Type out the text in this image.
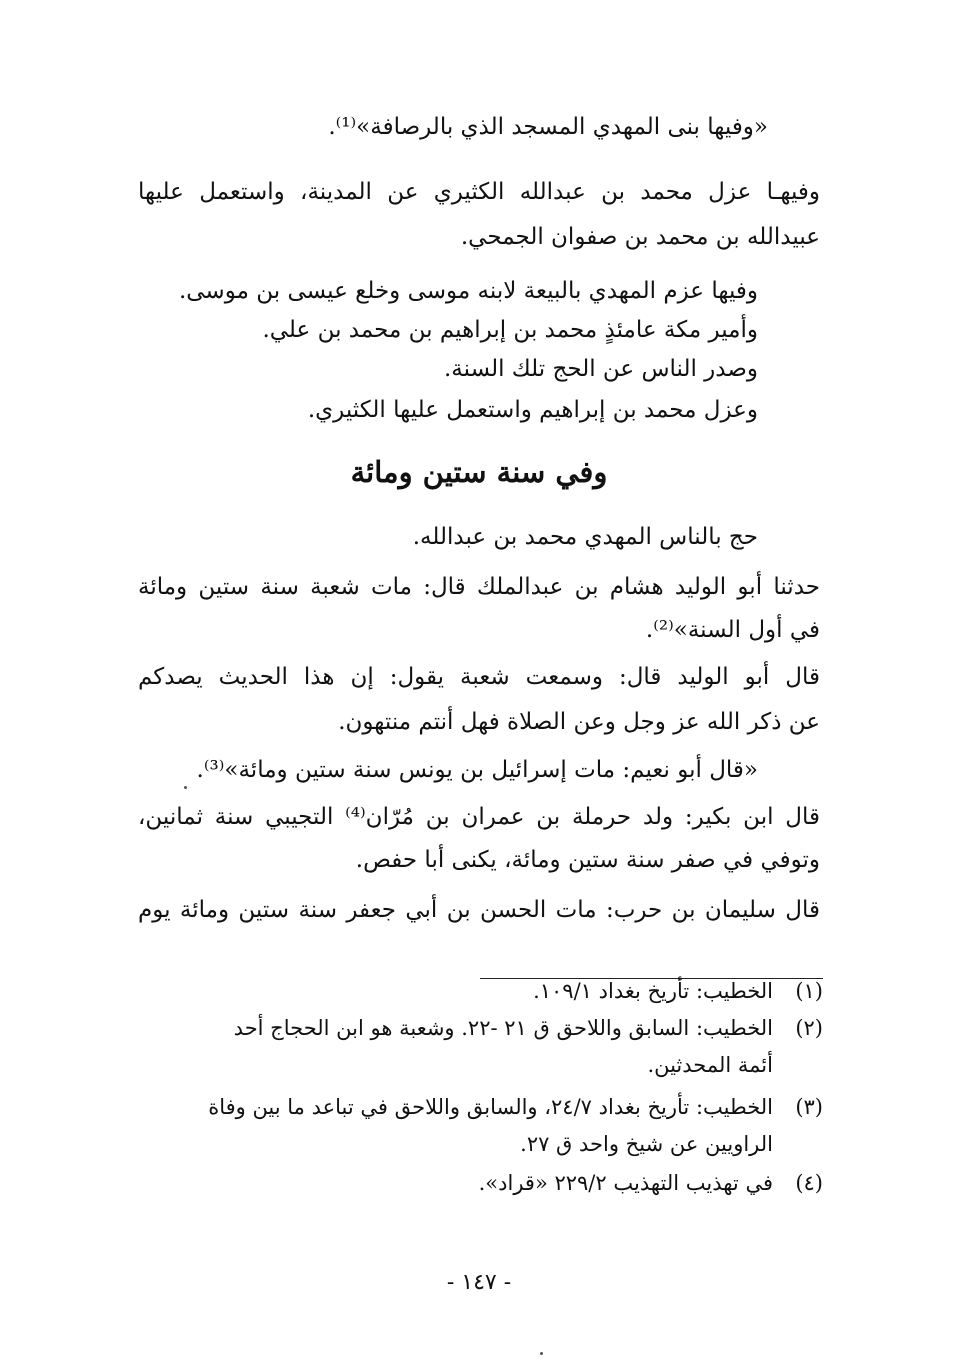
«وفيها بنى المهدي المسجد الذي بالرصافة»⁽¹⁾.
وفيهـا عزل محمد بن عبدالله الكثيري عن المدينة، واستعمل عليها
عبيدالله بن محمد بن صفوان الجمحي.
وفيها عزم المهدي بالبيعة لابنه موسى وخلع عيسى بن موسى.
وأمير مكة عامئذٍ محمد بن إبراهيم بن محمد بن علي.
وصدر الناس عن الحج تلك السنة.
وعزل محمد بن إبراهيم واستعمل عليها الكثيري.
وفي سنة ستين ومائة
حج بالناس المهدي محمد بن عبدالله.
حدثنا أبو الوليد هشام بن عبدالملك قال: مات شعبة سنة ستين ومائة
في أول السنة»⁽²⁾.
قال أبو الوليد قال: وسمعت شعبة يقول: إن هذا الحديث يصدكم
عن ذكر الله عز وجل وعن الصلاة فهل أنتم منتهون.
«قال أبو نعيم: مات إسرائيل بن يونس سنة ستين ومائة»⁽³⁾.
قال ابن بكير: ولد حرملة بن عمران بن مُرّان⁽⁴⁾ التجيبي سنة ثمانين،
وتوفي في صفر سنة ستين ومائة، يكنى أبا حفص.
قال سليمان بن حرب: مات الحسن بن أبي جعفر سنة ستين ومائة يوم
(١)
الخطيب: تأريخ بغداد ١٠٩/١.
(٢)
الخطيب: السابق واللاحق ق ٢١ -٢٢. وشعبة هو ابن الحجاج أحد
أئمة المحدثين.
(٣)
الخطيب: تأريخ بغداد ٢٤/٧، والسابق واللاحق في تباعد ما بين وفاة
الراويين عن شيخ واحد ق ٢٧.
(٤)
في تهذيب التهذيب ٢٢٩/٢ «قراد».
- ١٤٧ -
